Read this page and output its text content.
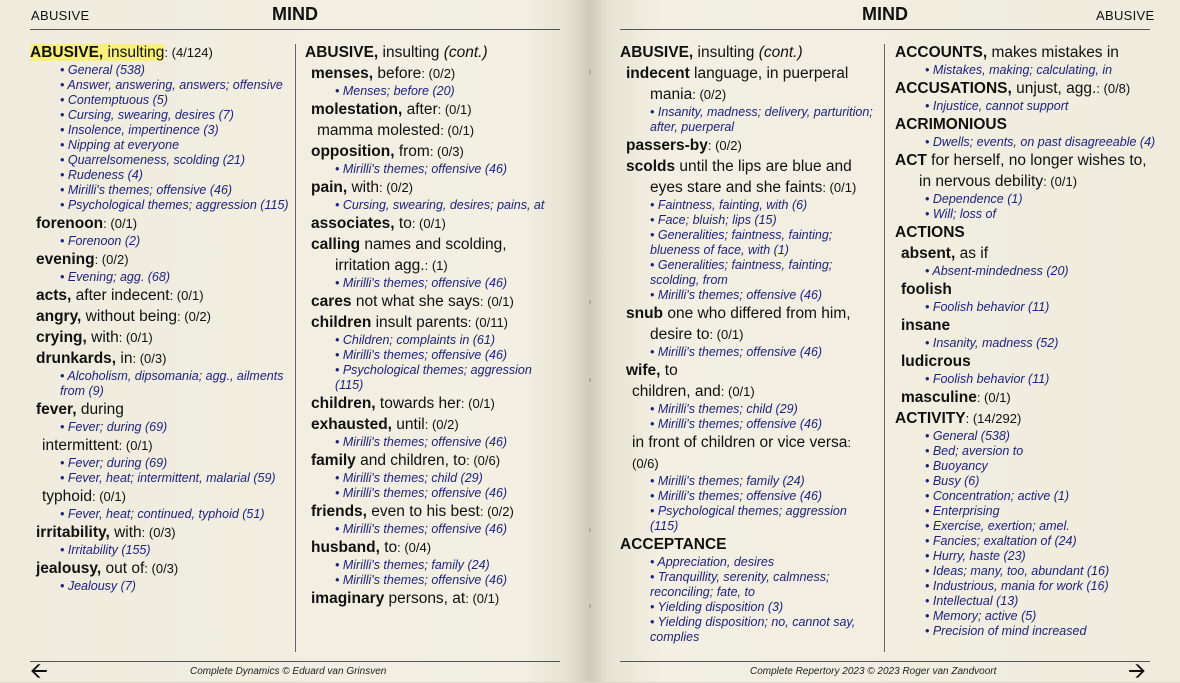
ABUSIVE	MIND	MIND	ABUSIVE
ABUSIVE, insulting: (4/124)
• General (538)
• Answer, answering, answers; offensive
• Contemptuous (5)
• Cursing, swearing, desires (7)
• Insolence, impertinence (3)
• Nipping at everyone
• Quarrelsomeness, scolding (21)
• Rudeness (4)
• Mirilli's themes; offensive (46)
• Psychological themes; aggression (115)
forenoon: (0/1)
• Forenoon (2)
evening: (0/2)
• Evening; agg. (68)
acts, after indecent: (0/1)
angry, without being: (0/2)
crying, with: (0/1)
drunkards, in: (0/3)
• Alcoholism, dipsomania; agg., ailments from (9)
fever, during
• Fever; during (69)
intermittent: (0/1)
• Fever; during (69)
• Fever, heat; intermittent, malarial (59)
typhoid: (0/1)
• Fever, heat; continued, typhoid (51)
irritability, with: (0/3)
• Irritability (155)
jealousy, out of: (0/3)
• Jealousy (7)
ABUSIVE, insulting (cont.)
menses, before: (0/2)
• Menses; before (20)
molestation, after: (0/1)
mamma molested: (0/1)
opposition, from: (0/3)
• Mirilli's themes; offensive (46)
pain, with: (0/2)
• Cursing, swearing, desires; pains, at
associates, to: (0/1)
calling names and scolding, irritation agg.: (1)
• Mirilli's themes; offensive (46)
cares not what she says: (0/1)
children insult parents: (0/11)
• Children; complaints in (61)
• Mirilli's themes; offensive (46)
• Psychological themes; aggression (115)
children, towards her: (0/1)
exhausted, until: (0/2)
• Mirilli's themes; offensive (46)
family and children, to: (0/6)
• Mirilli's themes; child (29)
• Mirilli's themes; offensive (46)
friends, even to his best: (0/2)
• Mirilli's themes; offensive (46)
husband, to: (0/4)
• Mirilli's themes; family (24)
• Mirilli's themes; offensive (46)
imaginary persons, at: (0/1)
ABUSIVE, insulting (cont.)
indecent language, in puerperal mania: (0/2)
• Insanity, madness; delivery, parturition; after, puerperal
passers-by: (0/2)
scolds until the lips are blue and eyes stare and she faints: (0/1)
• Faintness, fainting, with (6)
• Face; bluish; lips (15)
• Generalities; faintness, fainting; blueness of face, with (1)
• Generalities; faintness, fainting; scolding, from
• Mirilli's themes; offensive (46)
snub one who differed from him, desire to: (0/1)
• Mirilli's themes; offensive (46)
wife, to
children, and: (0/1)
• Mirilli's themes; child (29)
• Mirilli's themes; offensive (46)
in front of children or vice versa: (0/6)
• Mirilli's themes; family (24)
• Mirilli's themes; offensive (46)
• Psychological themes; aggression (115)
ACCEPTANCE
• Appreciation, desires
• Tranquillity, serenity, calmness; reconciling; fate, to
• Yielding disposition (3)
• Yielding disposition; no, cannot say, complies
ACCOUNTS, makes mistakes in
• Mistakes, making; calculating, in
ACCUSATIONS, unjust, agg.: (0/8)
• Injustice, cannot support
ACRIMONIOUS
• Dwells; events, on past disagreeable (4)
ACT for herself, no longer wishes to, in nervous debility: (0/1)
• Dependence (1)
• Will; loss of
ACTIONS
absent, as if
• Absent-mindedness (20)
foolish
• Foolish behavior (11)
insane
• Insanity, madness (52)
ludicrous
• Foolish behavior (11)
masculine: (0/1)
ACTIVITY: (14/292)
• General (538)
• Bed; aversion to
• Buoyancy
• Busy (6)
• Concentration; active (1)
• Enterprising
• Exercise, exertion; amel.
• Fancies; exaltation of (24)
• Hurry, haste (23)
• Ideas; many, too, abundant (16)
• Industrious, mania for work (16)
• Intellectual (13)
• Memory; active (5)
• Precision of mind increased
🡨	Complete Dynamics © Eduard van Grinsven	Complete Repertory 2023 © 2023 Roger van Zandvoort	🡪
